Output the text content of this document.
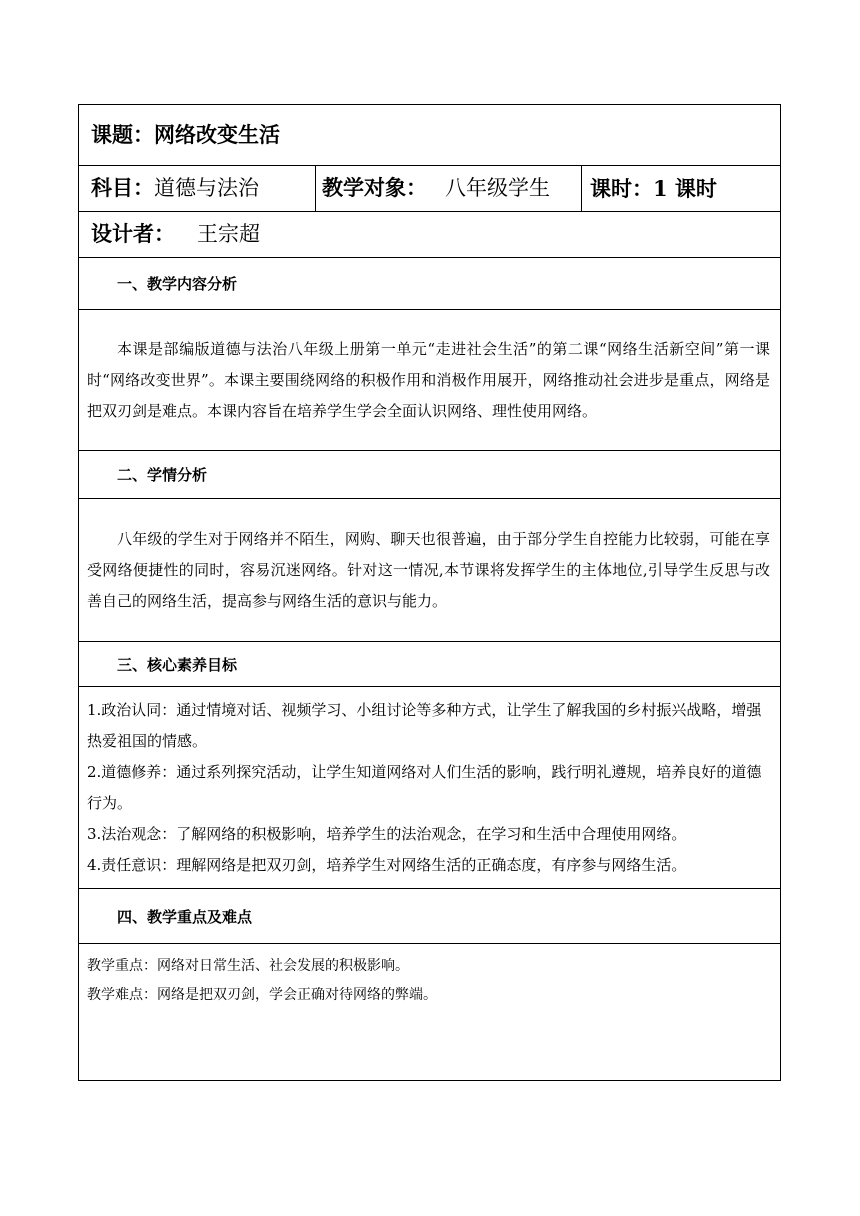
课题：网络改变生活
科目：道德与法治	教学对象： 八年级学生	课时：1 课时
设计者： 王宗超
一、教学内容分析
本课是部编版道德与法治八年级上册第一单元“走进社会生活”的第二课“网络生活新空间”第一课时“网络改变世界”。本课主要围绕网络的积极作用和消极作用展开，网络推动社会进步是重点，网络是把双刃剑是难点。本课内容旨在培养学生学会全面认识网络、理性使用网络。
二、学情分析
八年级的学生对于网络并不陌生，网购、聊天也很普遍，由于部分学生自控能力比较弱，可能在享受网络便捷性的同时，容易沉迷网络。针对这一情况,本节课将发挥学生的主体地位,引导学生反思与改善自己的网络生活，提高参与网络生活的意识与能力。
三、核心素养目标

1.政治认同：通过情境对话、视频学习、小组讨论等多种方式，让学生了解我国的乡村振兴战略，增强热爱祖国的情感。

2.道德修养：通过系列探究活动，让学生知道网络对人们生活的影响，践行明礼遵规，培养良好的道德行为。

3.法治观念：了解网络的积极影响，培养学生的法治观念，在学习和生活中合理使用网络。

4.责任意识：理解网络是把双刃剑，培养学生对网络生活的正确态度，有序参与网络生活。

四、教学重点及难点

教学重点：网络对日常生活、社会发展的积极影响。

教学难点：网络是把双刃剑，学会正确对待网络的弊端。
